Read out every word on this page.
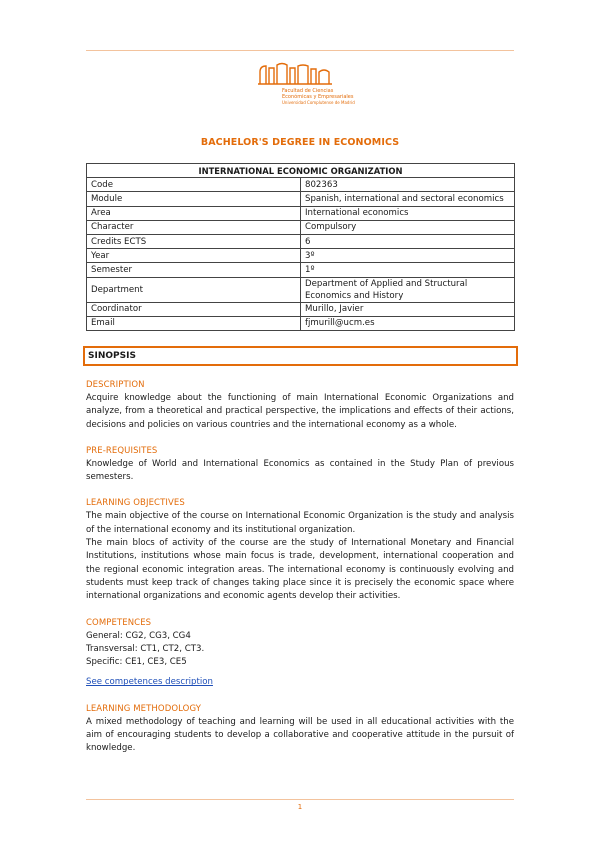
Facultad de Ciencias
Económicas y Empresariales
Universidad Complutense de Madrid
BACHELOR'S DEGREE IN ECONOMICS
INTERNATIONAL ECONOMIC ORGANIZATION	
Code	802363
Module	Spanish, international and sectoral economics
Area	International economics
Character	Compulsory
Credits ECTS	6
Year	3º
Semester	1º
Department	Department of Applied and Structural Economics and History
Coordinator	Murillo, Javier
Email	fjmurill@ucm.es
SINOPSIS
DESCRIPTION

Acquire knowledge about the functioning of main International Economic Organizations and analyze, from a theoretical and practical perspective, the implications and effects of their actions, decisions and policies on various countries and the international economy as a whole.

PRE-REQUISITES

Knowledge of World and International Economics as contained in the Study Plan of previous semesters.

LEARNING OBJECTIVES

The main objective of the course on International Economic Organization is the study and analysis of the international economy and its institutional organization.

The main blocs of activity of the course are the study of International Monetary and Financial Institutions, institutions whose main focus is trade, development, international cooperation and the regional economic integration areas. The international economy is continuously evolving and students must keep track of changes taking place since it is precisely the economic space where international organizations and economic agents develop their activities.

COMPETENCES
General: CG2, CG3, CG4
Transversal: CT1, CT2, CT3.
Specific: CE1, CE3, CE5
See competences description
LEARNING METHODOLOGY

A mixed methodology of teaching and learning will be used in all educational activities with the aim of encouraging students to develop a collaborative and cooperative attitude in the pursuit of knowledge.

1
